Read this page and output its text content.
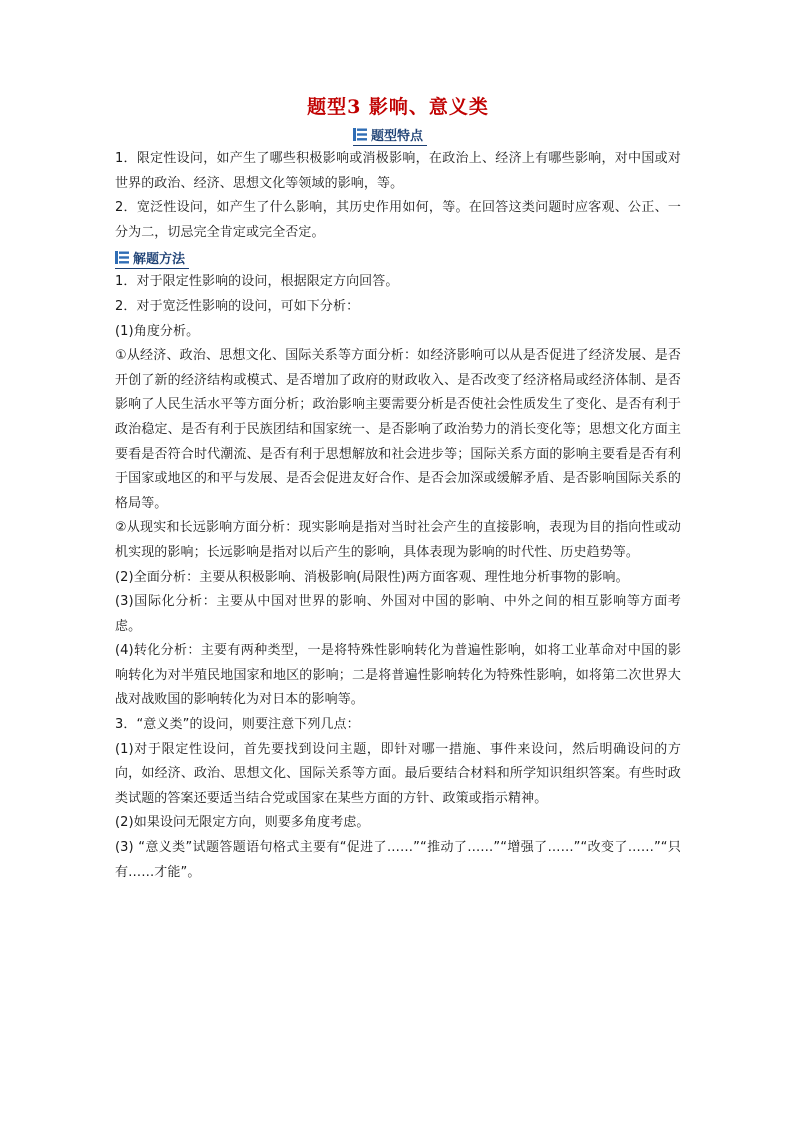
题型3 影响、意义类
题型特点

1．限定性设问，如产生了哪些积极影响或消极影响，在政治上、经济上有哪些影响，对中国或对世界的政治、经济、思想文化等领域的影响，等。

2．宽泛性设问，如产生了什么影响，其历史作用如何，等。在回答这类问题时应客观、公正、一分为二，切忌完全肯定或完全否定。

解题方法

1．对于限定性影响的设问，根据限定方向回答。

2．对于宽泛性影响的设问，可如下分析：

(1)角度分析。

①从经济、政治、思想文化、国际关系等方面分析：如经济影响可以从是否促进了经济发展、是否开创了新的经济结构或模式、是否增加了政府的财政收入、是否改变了经济格局或经济体制、是否影响了人民生活水平等方面分析；政治影响主要需要分析是否使社会性质发生了变化、是否有利于政治稳定、是否有利于民族团结和国家统一、是否影响了政治势力的消长变化等；思想文化方面主要看是否符合时代潮流、是否有利于思想解放和社会进步等；国际关系方面的影响主要看是否有利于国家或地区的和平与发展、是否会促进友好合作、是否会加深或缓解矛盾、是否影响国际关系的格局等。

②从现实和长远影响方面分析：现实影响是指对当时社会产生的直接影响，表现为目的指向性或动机实现的影响；长远影响是指对以后产生的影响，具体表现为影响的时代性、历史趋势等。

(2)全面分析：主要从积极影响、消极影响(局限性)两方面客观、理性地分析事物的影响。

(3)国际化分析：主要从中国对世界的影响、外国对中国的影响、中外之间的相互影响等方面考虑。

(4)转化分析：主要有两种类型，一是将特殊性影响转化为普遍性影响，如将工业革命对中国的影响转化为对半殖民地国家和地区的影响；二是将普遍性影响转化为特殊性影响，如将第二次世界大战对战败国的影响转化为对日本的影响等。

3．“意义类”的设问，则要注意下列几点：

(1)对于限定性设问，首先要找到设问主题，即针对哪一措施、事件来设问，然后明确设问的方向，如经济、政治、思想文化、国际关系等方面。最后要结合材料和所学知识组织答案。有些时政类试题的答案还要适当结合党或国家在某些方面的方针、政策或指示精神。

(2)如果设问无限定方向，则要多角度考虑。

(3) “意义类”试题答题语句格式主要有“促进了……”“推动了……”“增强了……”“改变了……”“只有……才能”。
